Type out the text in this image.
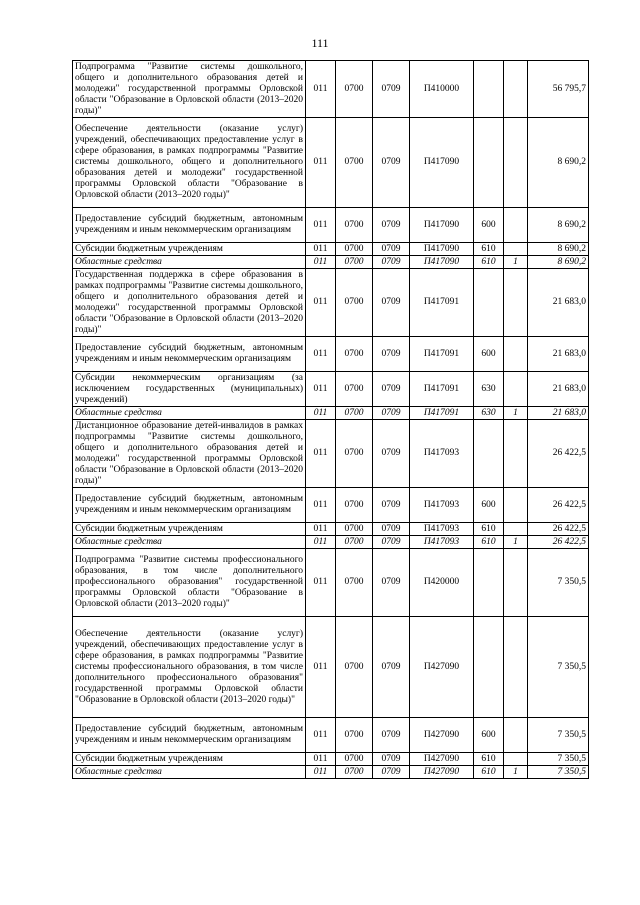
111
Подпрограмма "Развитие системы дошкольного, общего и дополнительного образования детей и молодежи" государственной программы Орловской области "Образование в Орловской области (2013–2020 годы)"	011	0700	0709	П410000			56 795,7
Обеспечение деятельности (оказание услуг) учреждений, обеспечивающих предоставление услуг в сфере образования, в рамках подпрограммы "Развитие системы дошкольного, общего и дополнительного образования детей и молодежи" государственной программы Орловской области "Образование в Орловской области (2013–2020 годы)"	011	0700	0709	П417090			8 690,2
Предоставление субсидий бюджетным, автономным учреждениям и иным некоммерческим организациям	011	0700	0709	П417090	600		8 690,2
Субсидии бюджетным учреждениям	011	0700	0709	П417090	610		8 690,2
Областные средства	011	0700	0709	П417090	610	1	8 690,2
Государственная поддержка в сфере образования в рамках подпрограммы "Развитие системы дошкольного, общего и дополнительного образования детей и молодежи" государственной программы Орловской области "Образование в Орловской области (2013–2020 годы)"	011	0700	0709	П417091			21 683,0
Предоставление субсидий бюджетным, автономным учреждениям и иным некоммерческим организациям	011	0700	0709	П417091	600		21 683,0
Субсидии некоммерческим организациям (за исключением государственных (муниципальных) учреждений)	011	0700	0709	П417091	630		21 683,0
Областные средства	011	0700	0709	П417091	630	1	21 683,0
Дистанционное образование детей-инвалидов в рамках подпрограммы "Развитие системы дошкольного, общего и дополнительного образования детей и молодежи" государственной программы Орловской области "Образование в Орловской области (2013–2020 годы)"	011	0700	0709	П417093			26 422,5
Предоставление субсидий бюджетным, автономным учреждениям и иным некоммерческим организациям	011	0700	0709	П417093	600		26 422,5
Субсидии бюджетным учреждениям	011	0700	0709	П417093	610		26 422,5
Областные средства	011	0700	0709	П417093	610	1	26 422,5
Подпрограмма "Развитие системы профессионального образования, в том числе дополнительного профессионального образования" государственной программы Орловской области "Образование в Орловской области (2013–2020 годы)"	011	0700	0709	П420000			7 350,5
Обеспечение деятельности (оказание услуг) учреждений, обеспечивающих предоставление услуг в сфере образования, в рамках подпрограммы "Развитие системы профессионального образования, в том числе дополнительного профессионального образования" государственной программы Орловской области "Образование в Орловской области (2013–2020 годы)"	011	0700	0709	П427090			7 350,5
Предоставление субсидий бюджетным, автономным учреждениям и иным некоммерческим организациям	011	0700	0709	П427090	600		7 350,5
Субсидии бюджетным учреждениям	011	0700	0709	П427090	610		7 350,5
Областные средства	011	0700	0709	П427090	610	1	7 350,5
